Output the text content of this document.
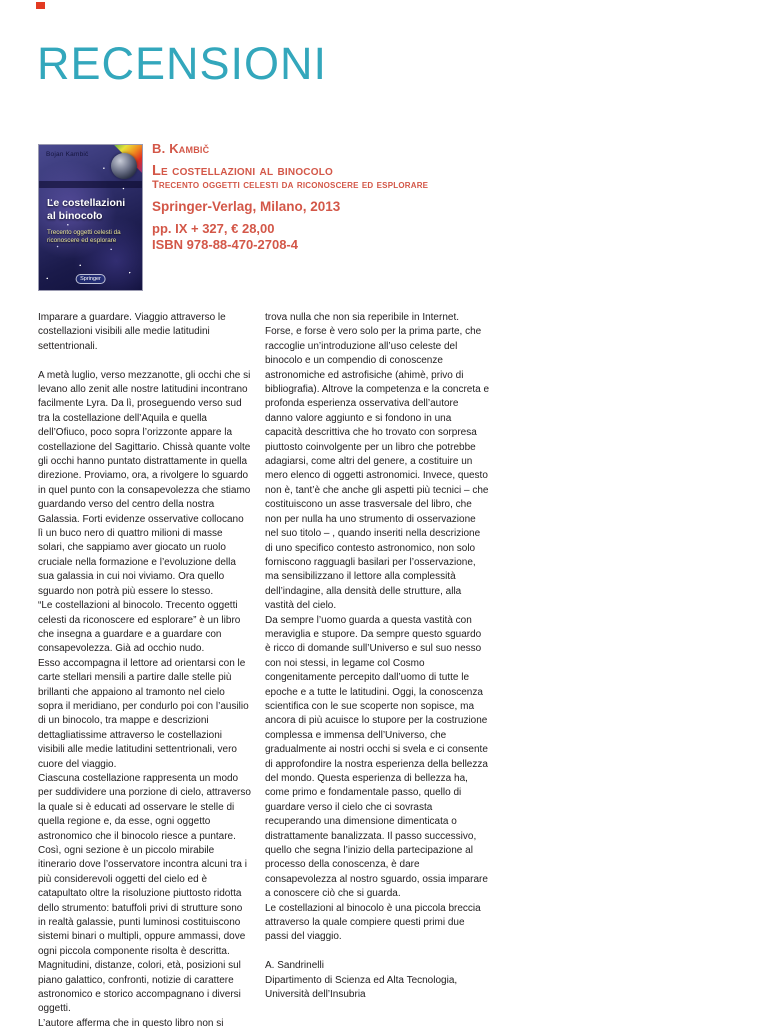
RECENSIONI
Bojan Kambič
Le costellazioni al binocolo
Trecento oggetti celesti da riconoscere ed esplorare
Springer
B. Kambič
Le costellazioni al binocolo
Trecento oggetti celesti da riconoscere ed esplorare
Springer-Verlag, Milano, 2013
pp. IX + 327, € 28,00
ISBN 978-88-470-2708-4

Imparare a guardare. Viaggio attraverso le costellazioni visibili alle medie latitudini settentrionali.

A metà luglio, verso mezzanotte, gli occhi che si levano allo zenit alle nostre latitudini incontrano facilmente Lyra. Da lì, proseguendo verso sud tra la costellazione dell’Aquila e quella dell’Ofiuco, poco sopra l’orizzonte appare la costellazione del Sagittario. Chissà quante volte gli occhi hanno puntato distrattamente in quella direzione. Proviamo, ora, a rivolgere lo sguardo in quel punto con la consapevolezza che stiamo guardando verso del centro della nostra Galassia. Forti evidenze osservative collocano lì un buco nero di quattro milioni di masse solari, che sappiamo aver giocato un ruolo cruciale nella formazione e l’evoluzione della sua galassia in cui noi viviamo. Ora quello sguardo non potrà più essere lo stesso.

“Le costellazioni al binocolo. Trecento oggetti celesti da riconoscere ed esplorare” è un libro che insegna a guardare e a guardare con consapevolezza. Già ad occhio nudo.

Esso accompagna il lettore ad orientarsi con le carte stellari mensili a partire dalle stelle più brillanti che appaiono al tramonto nel cielo sopra il meridiano, per condurlo poi con l’ausilio di un binocolo, tra mappe e descrizioni dettagliatissime attraverso le costellazioni visibili alle medie latitudini settentrionali, vero cuore del viaggio.

Ciascuna costellazione rappresenta un modo per suddividere una porzione di cielo, attraverso la quale si è educati ad osservare le stelle di quella regione e, da esse, ogni oggetto astronomico che il binocolo riesce a puntare.

Così, ogni sezione è un piccolo mirabile itinerario dove l’osservatore incontra alcuni tra i più considerevoli oggetti del cielo ed è catapultato oltre la risoluzione piuttosto ridotta dello strumento: batuffoli privi di strutture sono in realtà galassie, punti luminosi costituiscono sistemi binari o multipli, oppure ammassi, dove ogni piccola componente risolta è descritta. Magnitudini, distanze, colori, età, posizioni sul piano galattico, confronti, notizie di carattere astronomico e storico accompagnano i diversi oggetti.

L’autore afferma che in questo libro non si

trova nulla che non sia reperibile in Internet. Forse, e forse è vero solo per la prima parte, che raccoglie un’introduzione all’uso celeste del binocolo e un compendio di conoscenze astronomiche ed astrofisiche (ahimè, privo di bibliografia). Altrove la competenza e la concreta e profonda esperienza osservativa dell’autore danno valore aggiunto e si fondono in una capacità descrittiva che ho trovato con sorpresa piuttosto coinvolgente per un libro che potrebbe adagiarsi, come altri del genere, a costituire un mero elenco di oggetti astronomici. Invece, questo non è, tant’è che anche gli aspetti più tecnici – che costituiscono un asse trasversale del libro, che non per nulla ha uno strumento di osservazione nel suo titolo – , quando inseriti nella descrizione di uno specifico contesto astronomico, non solo forniscono ragguagli basilari per l’osservazione, ma sensibilizzano il lettore alla complessità dell’indagine, alla densità delle strutture, alla vastità del cielo.

Da sempre l’uomo guarda a questa vastità con meraviglia e stupore. Da sempre questo sguardo è ricco di domande sull’Universo e sul suo nesso con noi stessi, in legame col Cosmo congenitamente percepito dall’uomo di tutte le epoche e a tutte le latitudini. Oggi, la conoscenza scientifica con le sue scoperte non sopisce, ma ancora di più acuisce lo stupore per la costruzione complessa e immensa dell’Universo, che gradualmente ai nostri occhi si svela e ci consente di approfondire la nostra esperienza della bellezza del mondo. Questa esperienza di bellezza ha, come primo e fondamentale passo, quello di guardare verso il cielo che ci sovrasta recuperando una dimensione dimenticata o distrattamente banalizzata. Il passo successivo, quello che segna l’inizio della partecipazione al processo della conoscenza, è dare consapevolezza al nostro sguardo, ossia imparare a conoscere ciò che si guarda.

Le costellazioni al binocolo è una piccola breccia attraverso la quale compiere questi primi due passi del viaggio.

A. Sandrinelli

Dipartimento di Scienza ed Alta Tecnologia,

Università dell’Insubria
